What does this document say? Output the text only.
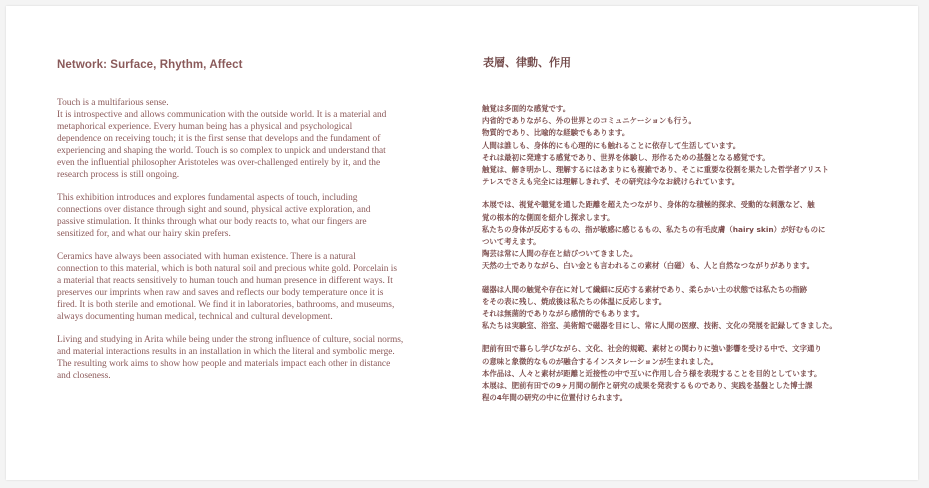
Network: Surface, Rhythm, Affect

Touch is a multifarious sense.
It is introspective and allows communication with the outside world. It is a material and
metaphorical experience. Every human being has a physical and psychological
dependence on receiving touch; it is the first sense that develops and the fundament of
experiencing and shaping the world. Touch is so complex to unpick and understand that
even the influential philosopher Aristoteles was over-challenged entirely by it, and the
research process is still ongoing.

This exhibition introduces and explores fundamental aspects of touch, including
connections over distance through sight and sound, physical active exploration, and
passive stimulation. It thinks through what our body reacts to, what our fingers are
sensitized for, and what our hairy skin prefers.

Ceramics have always been associated with human existence. There is a natural
connection to this material, which is both natural soil and precious white gold. Porcelain is
a material that reacts sensitively to human touch and human presence in different ways. It
preserves our imprints when raw and saves and reflects our body temperature once it is
fired. It is both sterile and emotional. We find it in laboratories, bathrooms, and museums,
always documenting human medical, technical and cultural development.

Living and studying in Arita while being under the strong influence of culture, social norms,
and material interactions results in an installation in which the literal and symbolic merge.
The resulting work aims to show how people and materials impact each other in distance
and closeness.

表層、律動、作用

触覚は多面的な感覚です。
内省的でありながら、外の世界とのコミュニケーションも行う。
物質的であり、比喩的な経験でもあります。
人間は誰しも、身体的にも心理的にも触れることに依存して生活しています。
それは最初に発達する感覚であり、世界を体験し、形作るための基盤となる感覚です。
触覚は、解き明かし、理解するにはあまりにも複雑であり、そこに重要な役割を果たした哲学者アリスト
テレスでさえも完全には理解しきれず、その研究は今なお続けられています。

本展では、視覚や聴覚を通した距離を超えたつながり、身体的な積極的探求、受動的な刺激など、触
覚の根本的な側面を紹介し探求します。
私たちの身体が反応するもの、指が敏感に感じるもの、私たちの有毛皮膚（hairy skin）が好むものに
ついて考えます。
陶芸は常に人間の存在と結びついてきました。
天然の土でありながら、白い金とも言われるこの素材（白磁）も、人と自然なつながりがあります。

磁器は人間の触覚や存在に対して繊細に反応する素材であり、柔らかい土の状態では私たちの指跡
をその表に残し、焼成後は私たちの体温に反応します。
それは無菌的でありながら感情的でもあります。
私たちは実験室、浴室、美術館で磁器を目にし、常に人間の医療、技術、文化の発展を記録してきました。

肥前有田で暮らし学びながら、文化、社会的規範、素材との関わりに強い影響を受ける中で、文字通り
の意味と象徴的なものが融合するインスタレーションが生まれました。
本作品は、人々と素材が距離と近接性の中で互いに作用し合う様を表現することを目的としています。
本展は、肥前有田での9ヶ月間の制作と研究の成果を発表するものであり、実践を基盤とした博士課
程の4年間の研究の中に位置付けられます。
